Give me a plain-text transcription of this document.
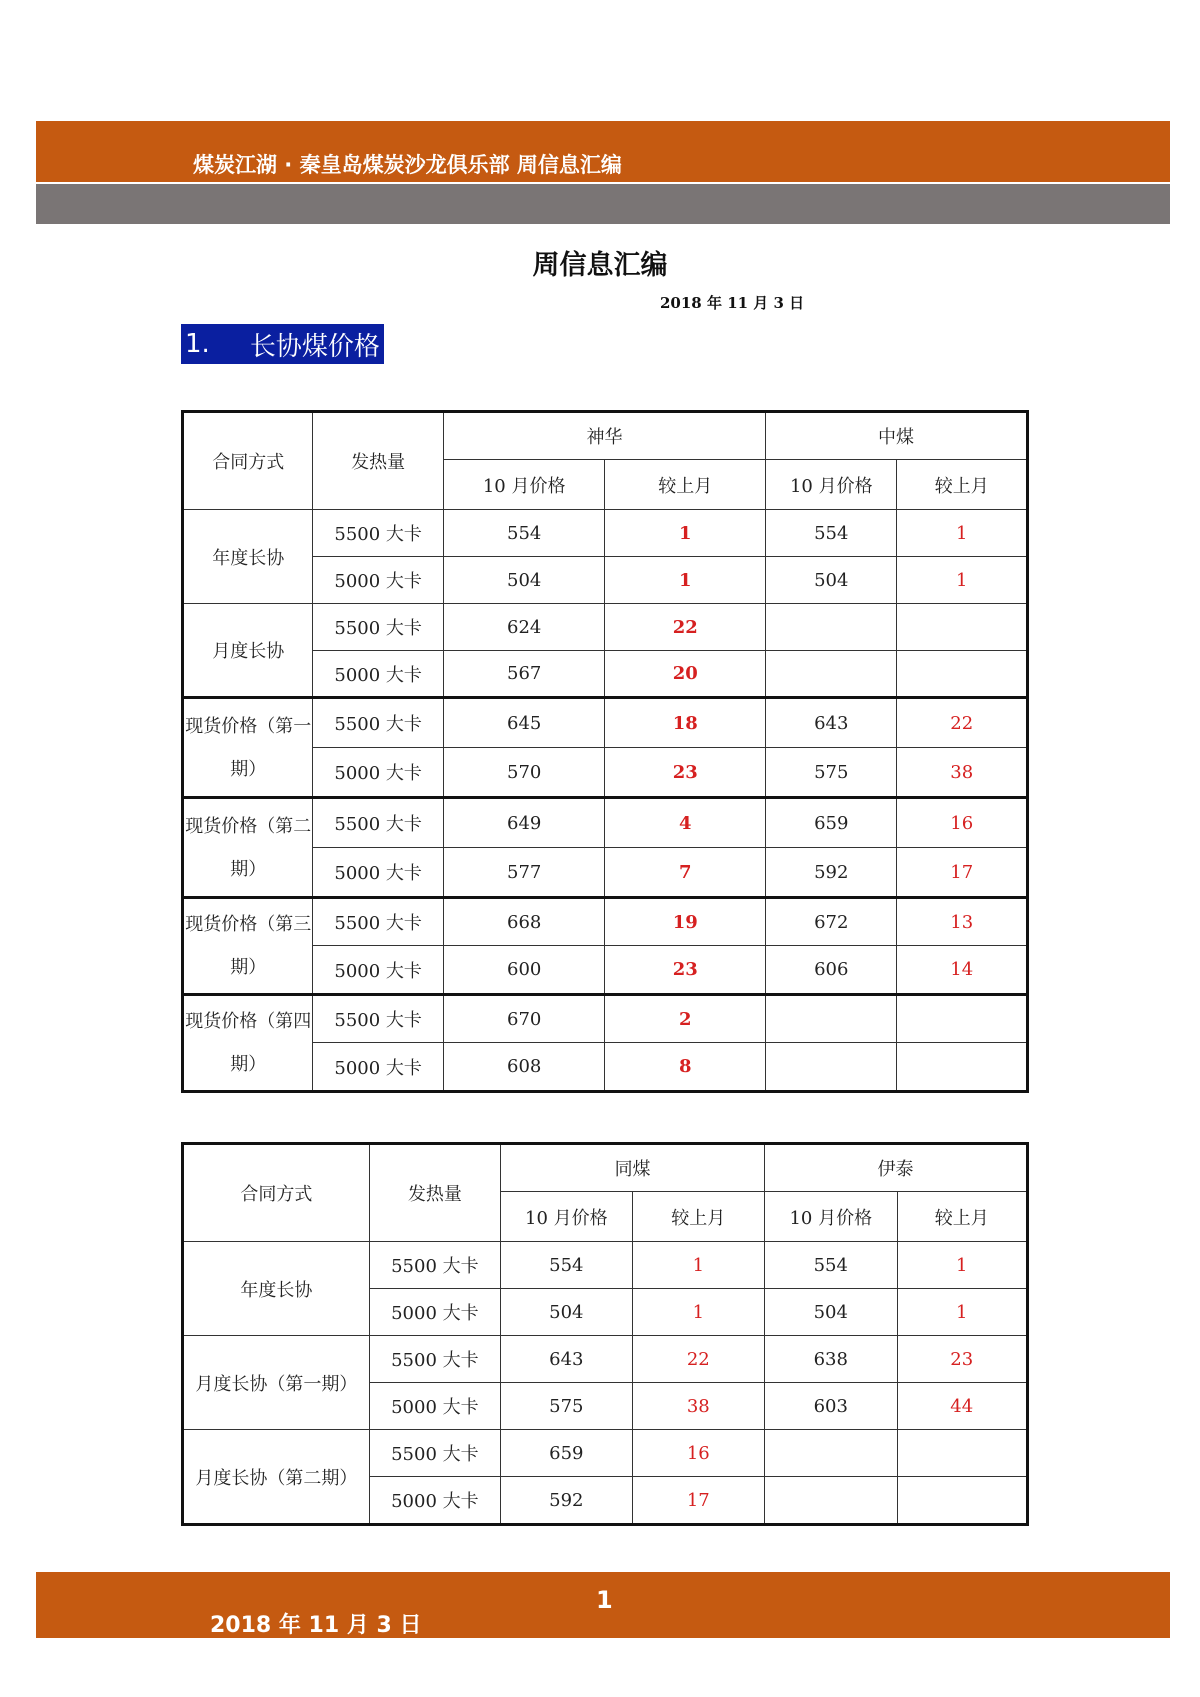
煤炭江湖 · 秦皇岛煤炭沙龙俱乐部 周信息汇编
周信息汇编
2018 年 11 月 3 日
1. 长协煤价格
合同方式	发热量	神华		中煤	
		10 月价格	较上月	10 月价格	较上月
年度长协	5500 大卡	554	1	554	1
	5000 大卡	504	1	504	1
月度长协	5500 大卡	624	22		
	5000 大卡	567	20		
现货价格（第一期）	5500 大卡	645	18	643	22
	5000 大卡	570	23	575	38
现货价格（第二期）	5500 大卡	649	4	659	16
	5000 大卡	577	7	592	17
现货价格（第三期）	5500 大卡	668	19	672	13
	5000 大卡	600	23	606	14
现货价格（第四期）	5500 大卡	670	2		
	5000 大卡	608	8		
合同方式	发热量	同煤		伊泰	
		10 月价格	较上月	10 月价格	较上月
年度长协	5500 大卡	554	1	554	1
	5000 大卡	504	1	504	1
月度长协（第一期）	5500 大卡	643	22	638	23
	5000 大卡	575	38	603	44
月度长协（第二期）	5500 大卡	659	16		
	5000 大卡	592	17		
1
2018 年 11 月 3 日
